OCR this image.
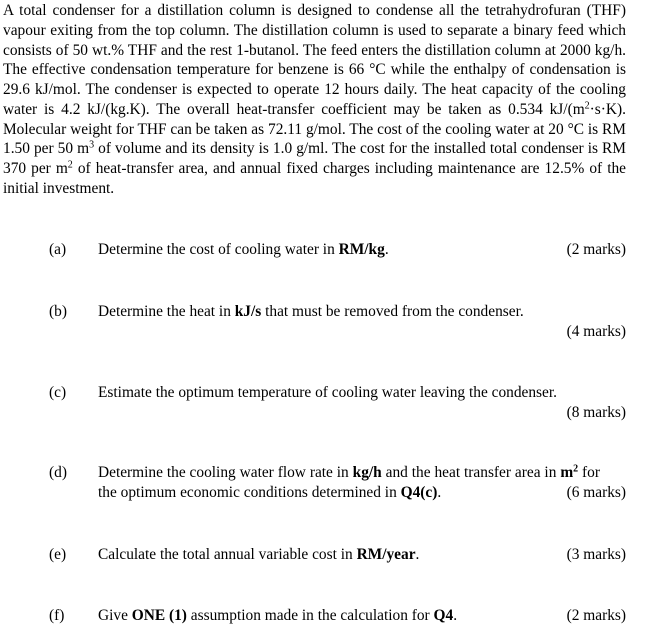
A total condenser for a distillation column is designed to condense all the tetrahydrofuran (THF) vapour exiting from the top column. The distillation column is used to separate a binary feed which consists of 50 wt.% THF and the rest 1-butanol. The feed enters the distillation column at 2000 kg/h. The effective condensation temperature for benzene is 66 °C while the enthalpy of condensation is 29.6 kJ/mol. The condenser is expected to operate 12 hours daily. The heat capacity of the cooling water is 4.2 kJ/(kg.K). The overall heat-transfer coefficient may be taken as 0.534 $kJ/(m^2\cdot s\cdot K)$. Molecular weight for THF can be taken as 72.11 g/mol. The cost of the cooling water at 20 °C is RM 1.50 per 50 $m^3$ of volume and its density is 1.0 g/ml. The cost for the installed total condenser is RM 370 per $m^2$ of heat-transfer area, and annual fixed charges including maintenance are 12.5% of the initial investment.

(a) Determine the cost of cooling water in RM/kg.	(2 marks)
(b) Determine the heat in kJ/s that must be removed from the condenser.
(4 marks)
(c) Estimate the optimum temperature of cooling water leaving the condenser.
(8 marks)
(d) Determine the cooling water flow rate in kg/h and the heat transfer area in $m^2$ for the optimum economic conditions determined in Q4(c).	(6 marks)
(e) Calculate the total annual variable cost in RM/year.	(3 marks)
(f) Give ONE (1) assumption made in the calculation for Q4.	(2 marks)
